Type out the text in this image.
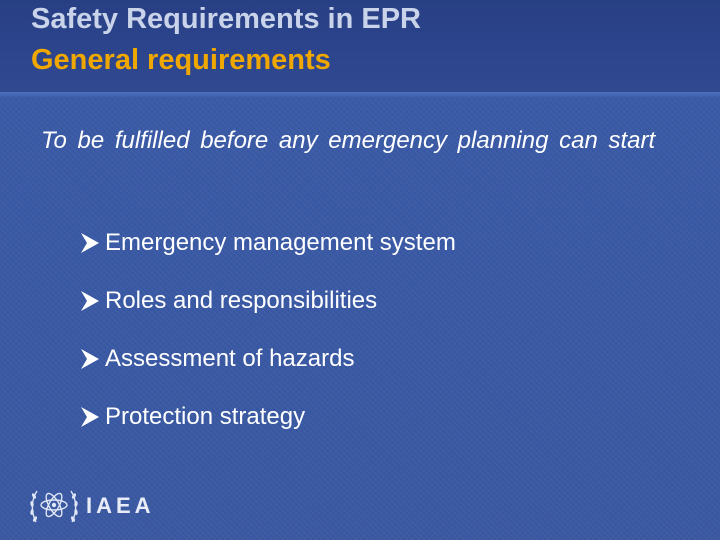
Safety Requirements in EPR
General requirements

To be fulfilled before any emergency planning can start

Emergency management system
Roles and responsibilities
Assessment of hazards
Protection strategy
IAEA
